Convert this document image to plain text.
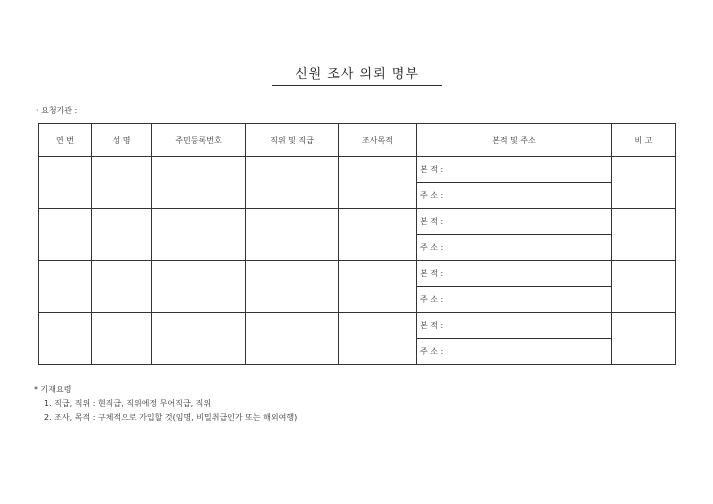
신원 조사 의뢰 명부
· 요청기관 :
연 번	성 명	주민등록번호	직위 및 직급	조사목적	본적 및 주소	비 고
					본 적 :	
					주 소 :	
					본 적 :	
					주 소 :	
					본 적 :	
					주 소 :	
					본 적 :	
					주 소 :	
* 기재요령
1. 직급, 직위 : 현직급, 직위에정 무어직급, 직위
2. 조사, 목적 : 구체적으로 가입할 것(임명, 비밀취급인가 또는 해외여행)
